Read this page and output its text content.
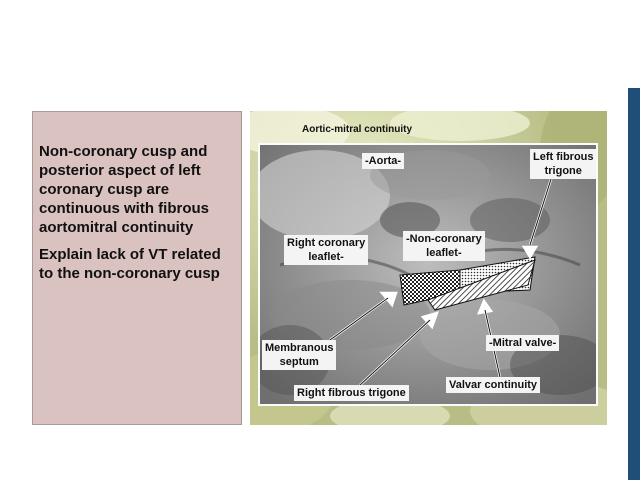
Non-coronary cusp and posterior aspect of left coronary cusp are continuous with fibrous aortomitral continuity

Explain lack of VT related to the non-coronary cusp

Aortic-mitral continuity
-Aorta-	Left fibrous
trigone
Right coronary
leaflet-
-Non-coronary
leaflet-
Membranous
septum
-Mitral valve-
Right fibrous trigone
Valvar continuity
